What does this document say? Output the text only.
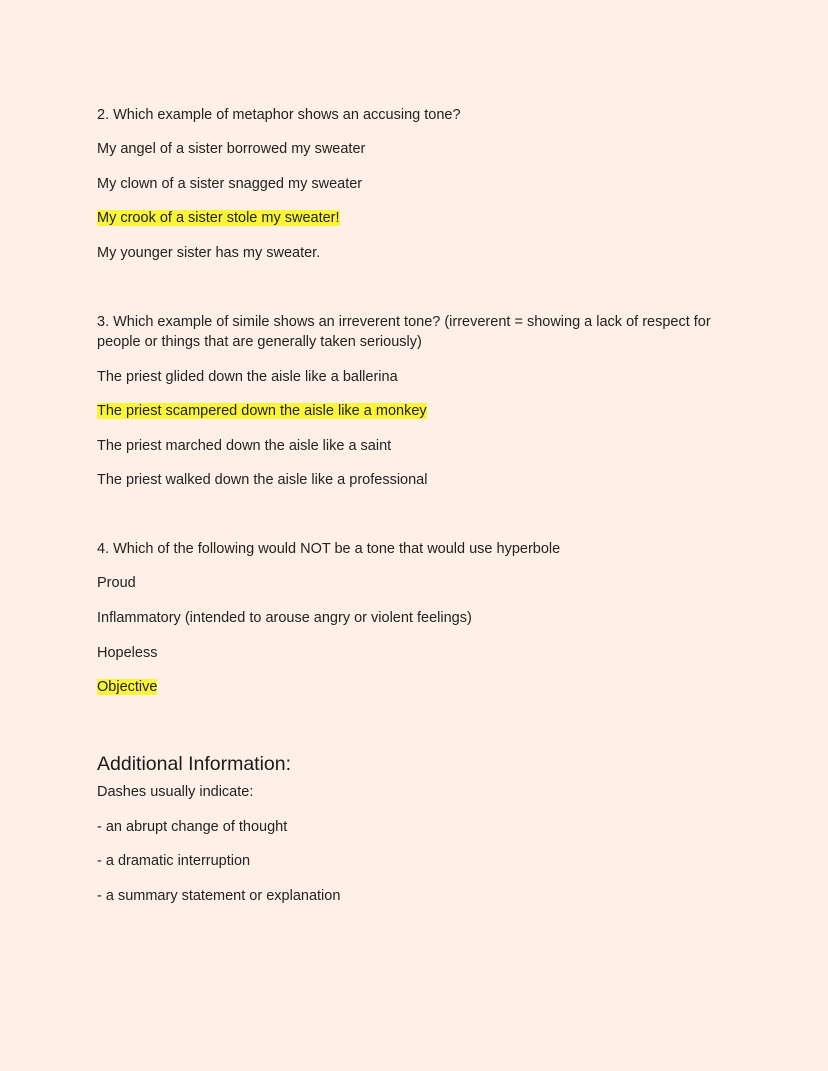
2. Which example of metaphor shows an accusing tone?
My angel of a sister borrowed my sweater
My clown of a sister snagged my sweater
My crook of a sister stole my sweater!
My younger sister has my sweater.
3. Which example of simile shows an irreverent tone? (irreverent = showing a lack of respect for people or things that are generally taken seriously)
The priest glided down the aisle like a ballerina
The priest scampered down the aisle like a monkey
The priest marched down the aisle like a saint
The priest walked down the aisle like a professional
4. Which of the following would NOT be a tone that would use hyperbole
Proud
Inflammatory (intended to arouse angry or violent feelings)
Hopeless
Objective
Additional Information:
Dashes usually indicate:
- an abrupt change of thought
- a dramatic interruption
- a summary statement or explanation
